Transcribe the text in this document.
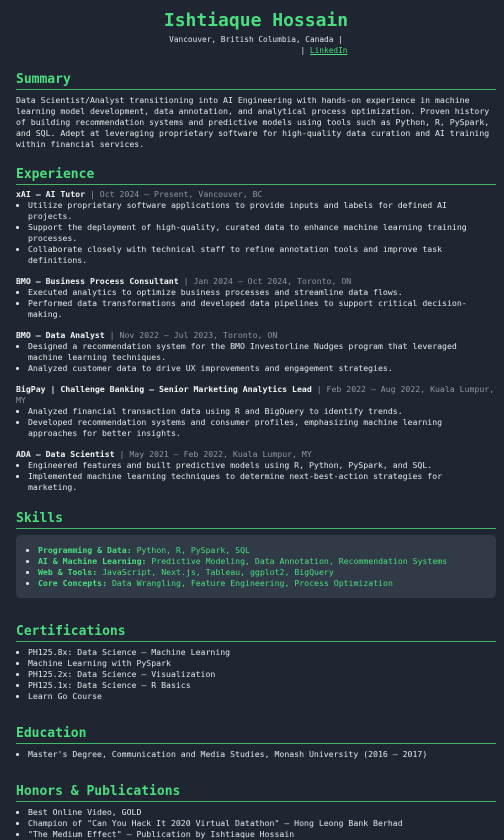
Ishtiaque Hossain
Vancouver, British Columbia, Canada |
| LinkedIn
Summary
Data Scientist/Analyst transitioning into AI Engineering with hands-on experience in machine learning model development, data annotation, and analytical process optimization. Proven history of building recommendation systems and predictive models using tools such as Python, R, PySpark, and SQL. Adept at leveraging proprietary software for high-quality data curation and AI training within financial services.
Experience
xAI – AI Tutor | Oct 2024 – Present, Vancouver, BC
• Utilize proprietary software applications to provide inputs and labels for defined AI projects.
• Support the deployment of high-quality, curated data to enhance machine learning training processes.
• Collaborate closely with technical staff to refine annotation tools and improve task definitions.
BMO – Business Process Consultant | Jan 2024 – Oct 2024, Toronto, ON
• Executed analytics to optimize business processes and streamline data flows.
• Performed data transformations and developed data pipelines to support critical decision-making.
BMO – Data Analyst | Nov 2022 – Jul 2023, Toronto, ON
• Designed a recommendation system for the BMO Investorline Nudges program that leveraged machine learning techniques.
• Analyzed customer data to drive UX improvements and engagement strategies.
BigPay | Challenge Banking – Senior Marketing Analytics Lead | Feb 2022 – Aug 2022, Kuala Lumpur, MY
• Analyzed financial transaction data using R and BigQuery to identify trends.
• Developed recommendation systems and consumer profiles, emphasizing machine learning approaches for better insights.
ADA – Data Scientist | May 2021 – Feb 2022, Kuala Lumpur, MY
• Engineered features and built predictive models using R, Python, PySpark, and SQL.
• Implemented machine learning techniques to determine next-best-action strategies for marketing.
Skills
• Programming & Data: Python, R, PySpark, SQL
• AI & Machine Learning: Predictive Modeling, Data Annotation, Recommendation Systems
• Web & Tools: JavaScript, Next.js, Tableau, ggplot2, BigQuery
• Core Concepts: Data Wrangling, Feature Engineering, Process Optimization
Certifications
• PH125.8x: Data Science – Machine Learning
• Machine Learning with PySpark
• PH125.2x: Data Science – Visualization
• PH125.1x: Data Science – R Basics
• Learn Go Course
Education
• Master's Degree, Communication and Media Studies, Monash University (2016 – 2017)
Honors & Publications
• Best Online Video, GOLD
• Champion of "Can You Hack It 2020 Virtual Datathon" – Hong Leong Bank Berhad
• "The Medium Effect" – Publication by Ishtiaque Hossain
